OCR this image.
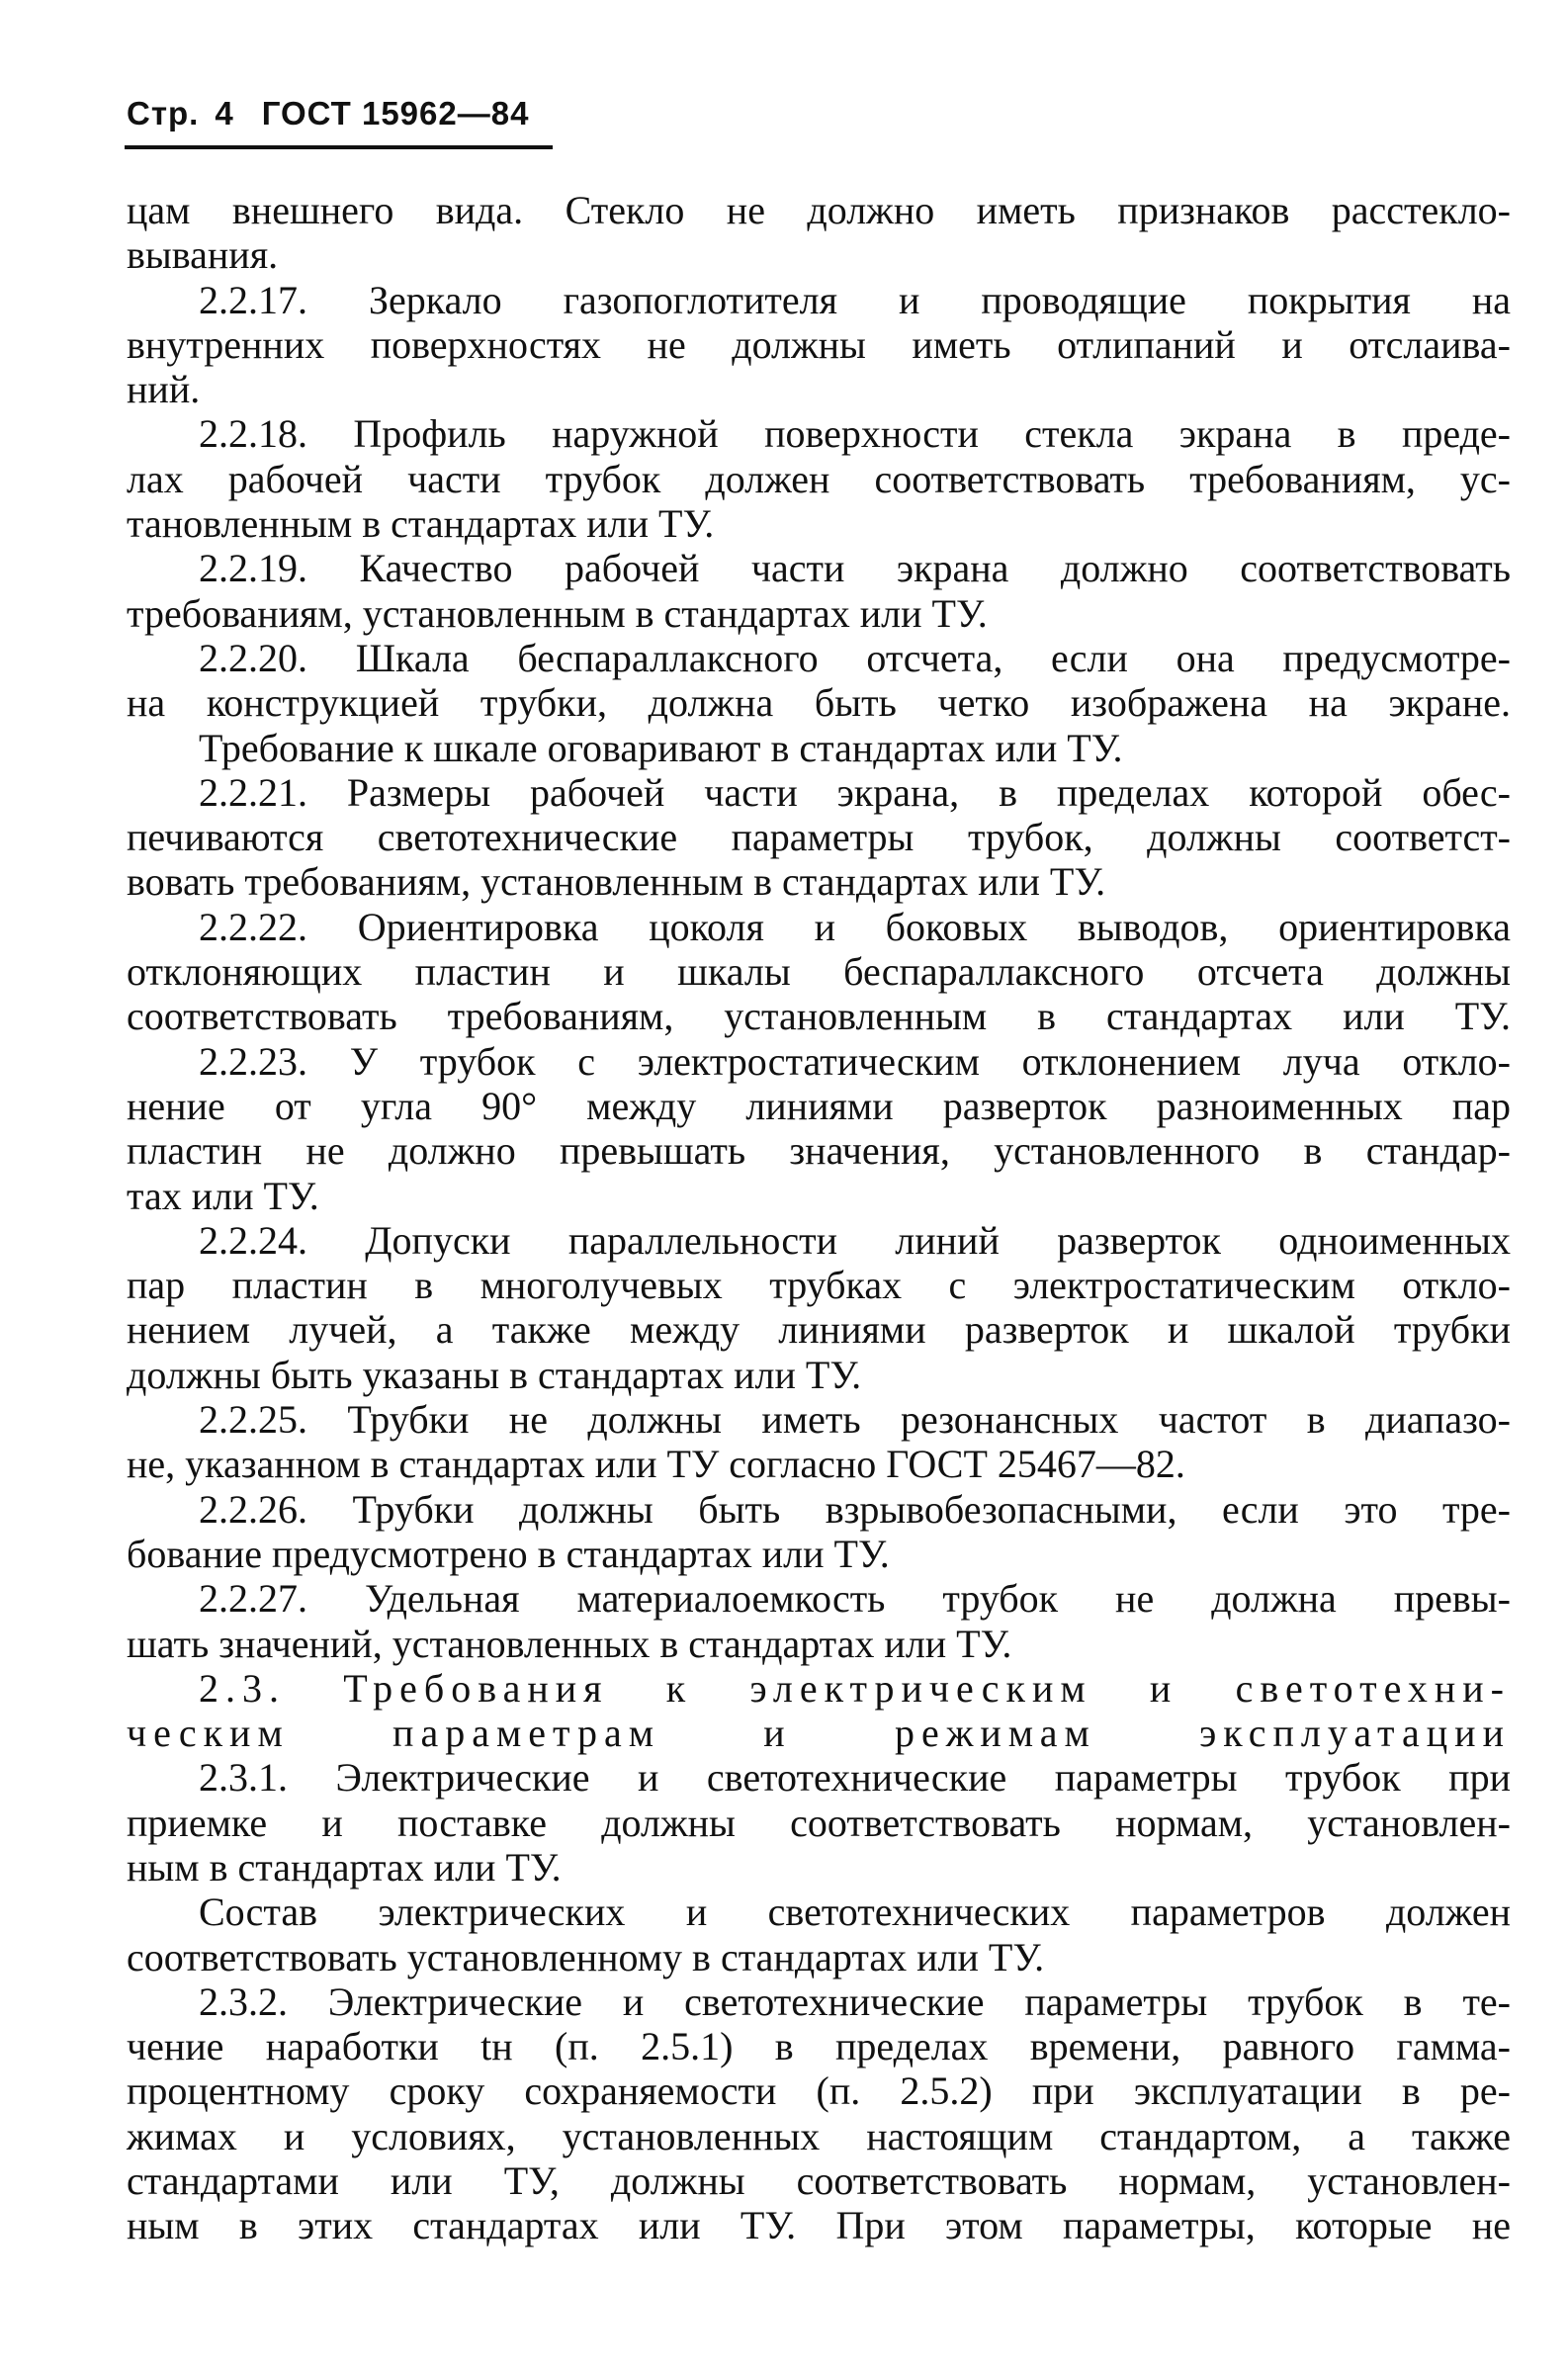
Стр. 4 ГОСТ 15962—84
цам внешнего вида. Стекло не должно иметь признаков расстекло-
вывания.
2.2.17. Зеркало газопоглотителя и проводящие покрытия на
внутренних поверхностях не должны иметь отлипаний и отслаива-
ний.
2.2.18. Профиль наружной поверхности стекла экрана в преде-
лах рабочей части трубок должен соответствовать требованиям, ус-
тановленным в стандартах или ТУ.
2.2.19. Качество рабочей части экрана должно соответствовать
требованиям, установленным в стандартах или ТУ.
2.2.20. Шкала беспараллаксного отсчета, если она предусмотре-
на конструкцией трубки, должна быть четко изображена на экране.
Требование к шкале оговаривают в стандартах или ТУ.
2.2.21. Размеры рабочей части экрана, в пределах которой обес-
печиваются светотехнические параметры трубок, должны соответст-
вовать требованиям, установленным в стандартах или ТУ.
2.2.22. Ориентировка цоколя и боковых выводов, ориентировка
отклоняющих пластин и шкалы беспараллаксного отсчета должны
соответствовать требованиям, установленным в стандартах или ТУ.
2.2.23. У трубок с электростатическим отклонением луча откло-
нение от угла 90° между линиями разверток разноименных пар
пластин не должно превышать значения, установленного в стандар-
тах или ТУ.
2.2.24. Допуски параллельности линий разверток одноименных
пар пластин в многолучевых трубках с электростатическим откло-
нением лучей, а также между линиями разверток и шкалой трубки
должны быть указаны в стандартах или ТУ.
2.2.25. Трубки не должны иметь резонансных частот в диапазо-
не, указанном в стандартах или ТУ согласно ГОСТ 25467—82.
2.2.26. Трубки должны быть взрывобезопасными, если это тре-
бование предусмотрено в стандартах или ТУ.
2.2.27. Удельная материалоемкость трубок не должна превы-
шать значений, установленных в стандартах или ТУ.
2.3. Требования к электрическим и светотехни-
ческим параметрам и режимам эксплуатации
2.3.1. Электрические и светотехнические параметры трубок при
приемке и поставке должны соответствовать нормам, установлен-
ным в стандартах или ТУ.
Состав электрических и светотехнических параметров должен
соответствовать установленному в стандартах или ТУ.
2.3.2. Электрические и светотехнические параметры трубок в те-
чение наработки tн (п. 2.5.1) в пределах времени, равного гамма-
процентному сроку сохраняемости (п. 2.5.2) при эксплуатации в ре-
жимах и условиях, установленных настоящим стандартом, а также
стандартами или ТУ, должны соответствовать нормам, установлен-
ным в этих стандартах или ТУ. При этом параметры, которые не
